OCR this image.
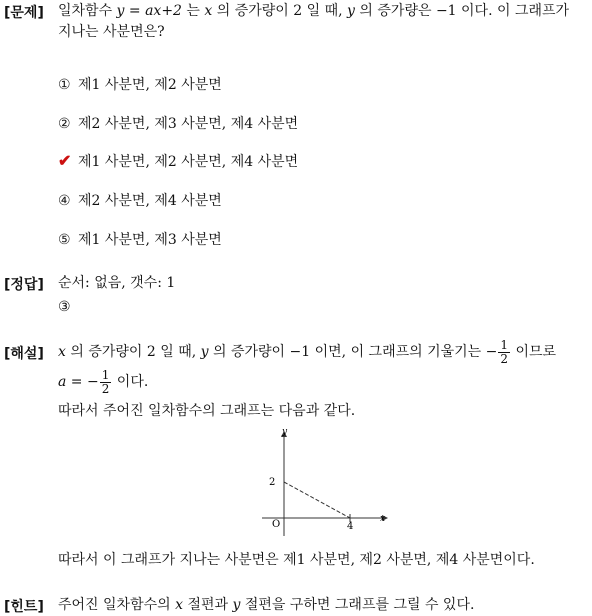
[문제] 일차함수 y = ax+2 는 x 의 증가량이 2 일 때, y 의 증가량은 −1 이다. 이 그래프가
지나는 사분면은?
① 제1 사분면, 제2 사분면
② 제2 사분면, 제3 사분면, 제4 사분면
✔ 제1 사분면, 제2 사분면, 제4 사분면
④ 제2 사분면, 제4 사분면
⑤ 제1 사분면, 제3 사분면
[정답] 순서: 없음, 갯수: 1
③
[해설] x 의 증가량이 2 일 때, y 의 증가량이 −1 이면, 이 그래프의 기울기는 − $\frac{1}{2}$ 이므로
a = − $\frac{1}{2}$ 이다.
따라서 주어진 일차함수의 그래프는 다음과 같다.
y
x
O
2
4
따라서 이 그래프가 지나는 사분면은 제1 사분면, 제2 사분면, 제4 사분면이다.
[힌트] 주어진 일차함수의 x 절편과 y 절편을 구하면 그래프를 그릴 수 있다.
